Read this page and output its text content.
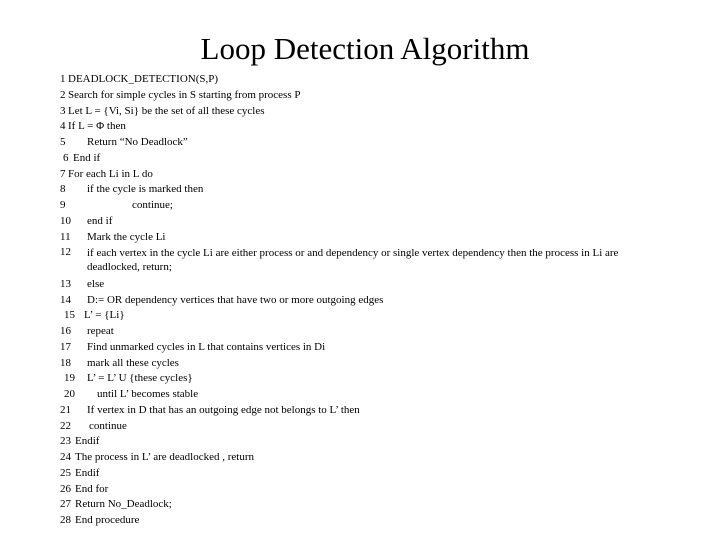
Loop Detection Algorithm
1 DEADLOCK_DETECTION(S,P)
2 Search for simple cycles in S starting from process P
3 Let L = {Vi, Si} be the set of all these cycles
4 If L = Φ then
5 Return “No Deadlock”
6 End if
7 For each Li in L do
8 if the cycle is marked then
9	continue;
10 end if
11 Mark the cycle Li
12 if each vertex in the cycle Li are either process or and dependency or single vertex dependency then the process in Li are deadlocked, return;
13 else
14 D:= OR dependency vertices that have two or more outgoing edges
15 L’ = {Li}
16 repeat
17 Find unmarked cycles in L that contains vertices in Di
18 mark all these cycles
19 L’ = L’ U {these cycles}
20 until L’ becomes stable
21 If vertex in D that has an outgoing edge not belongs to L’ then
22 continue
23 Endif
24 The process in L’ are deadlocked , return
25 Endif
26 End for
27 Return No_Deadlock;
28 End procedure
